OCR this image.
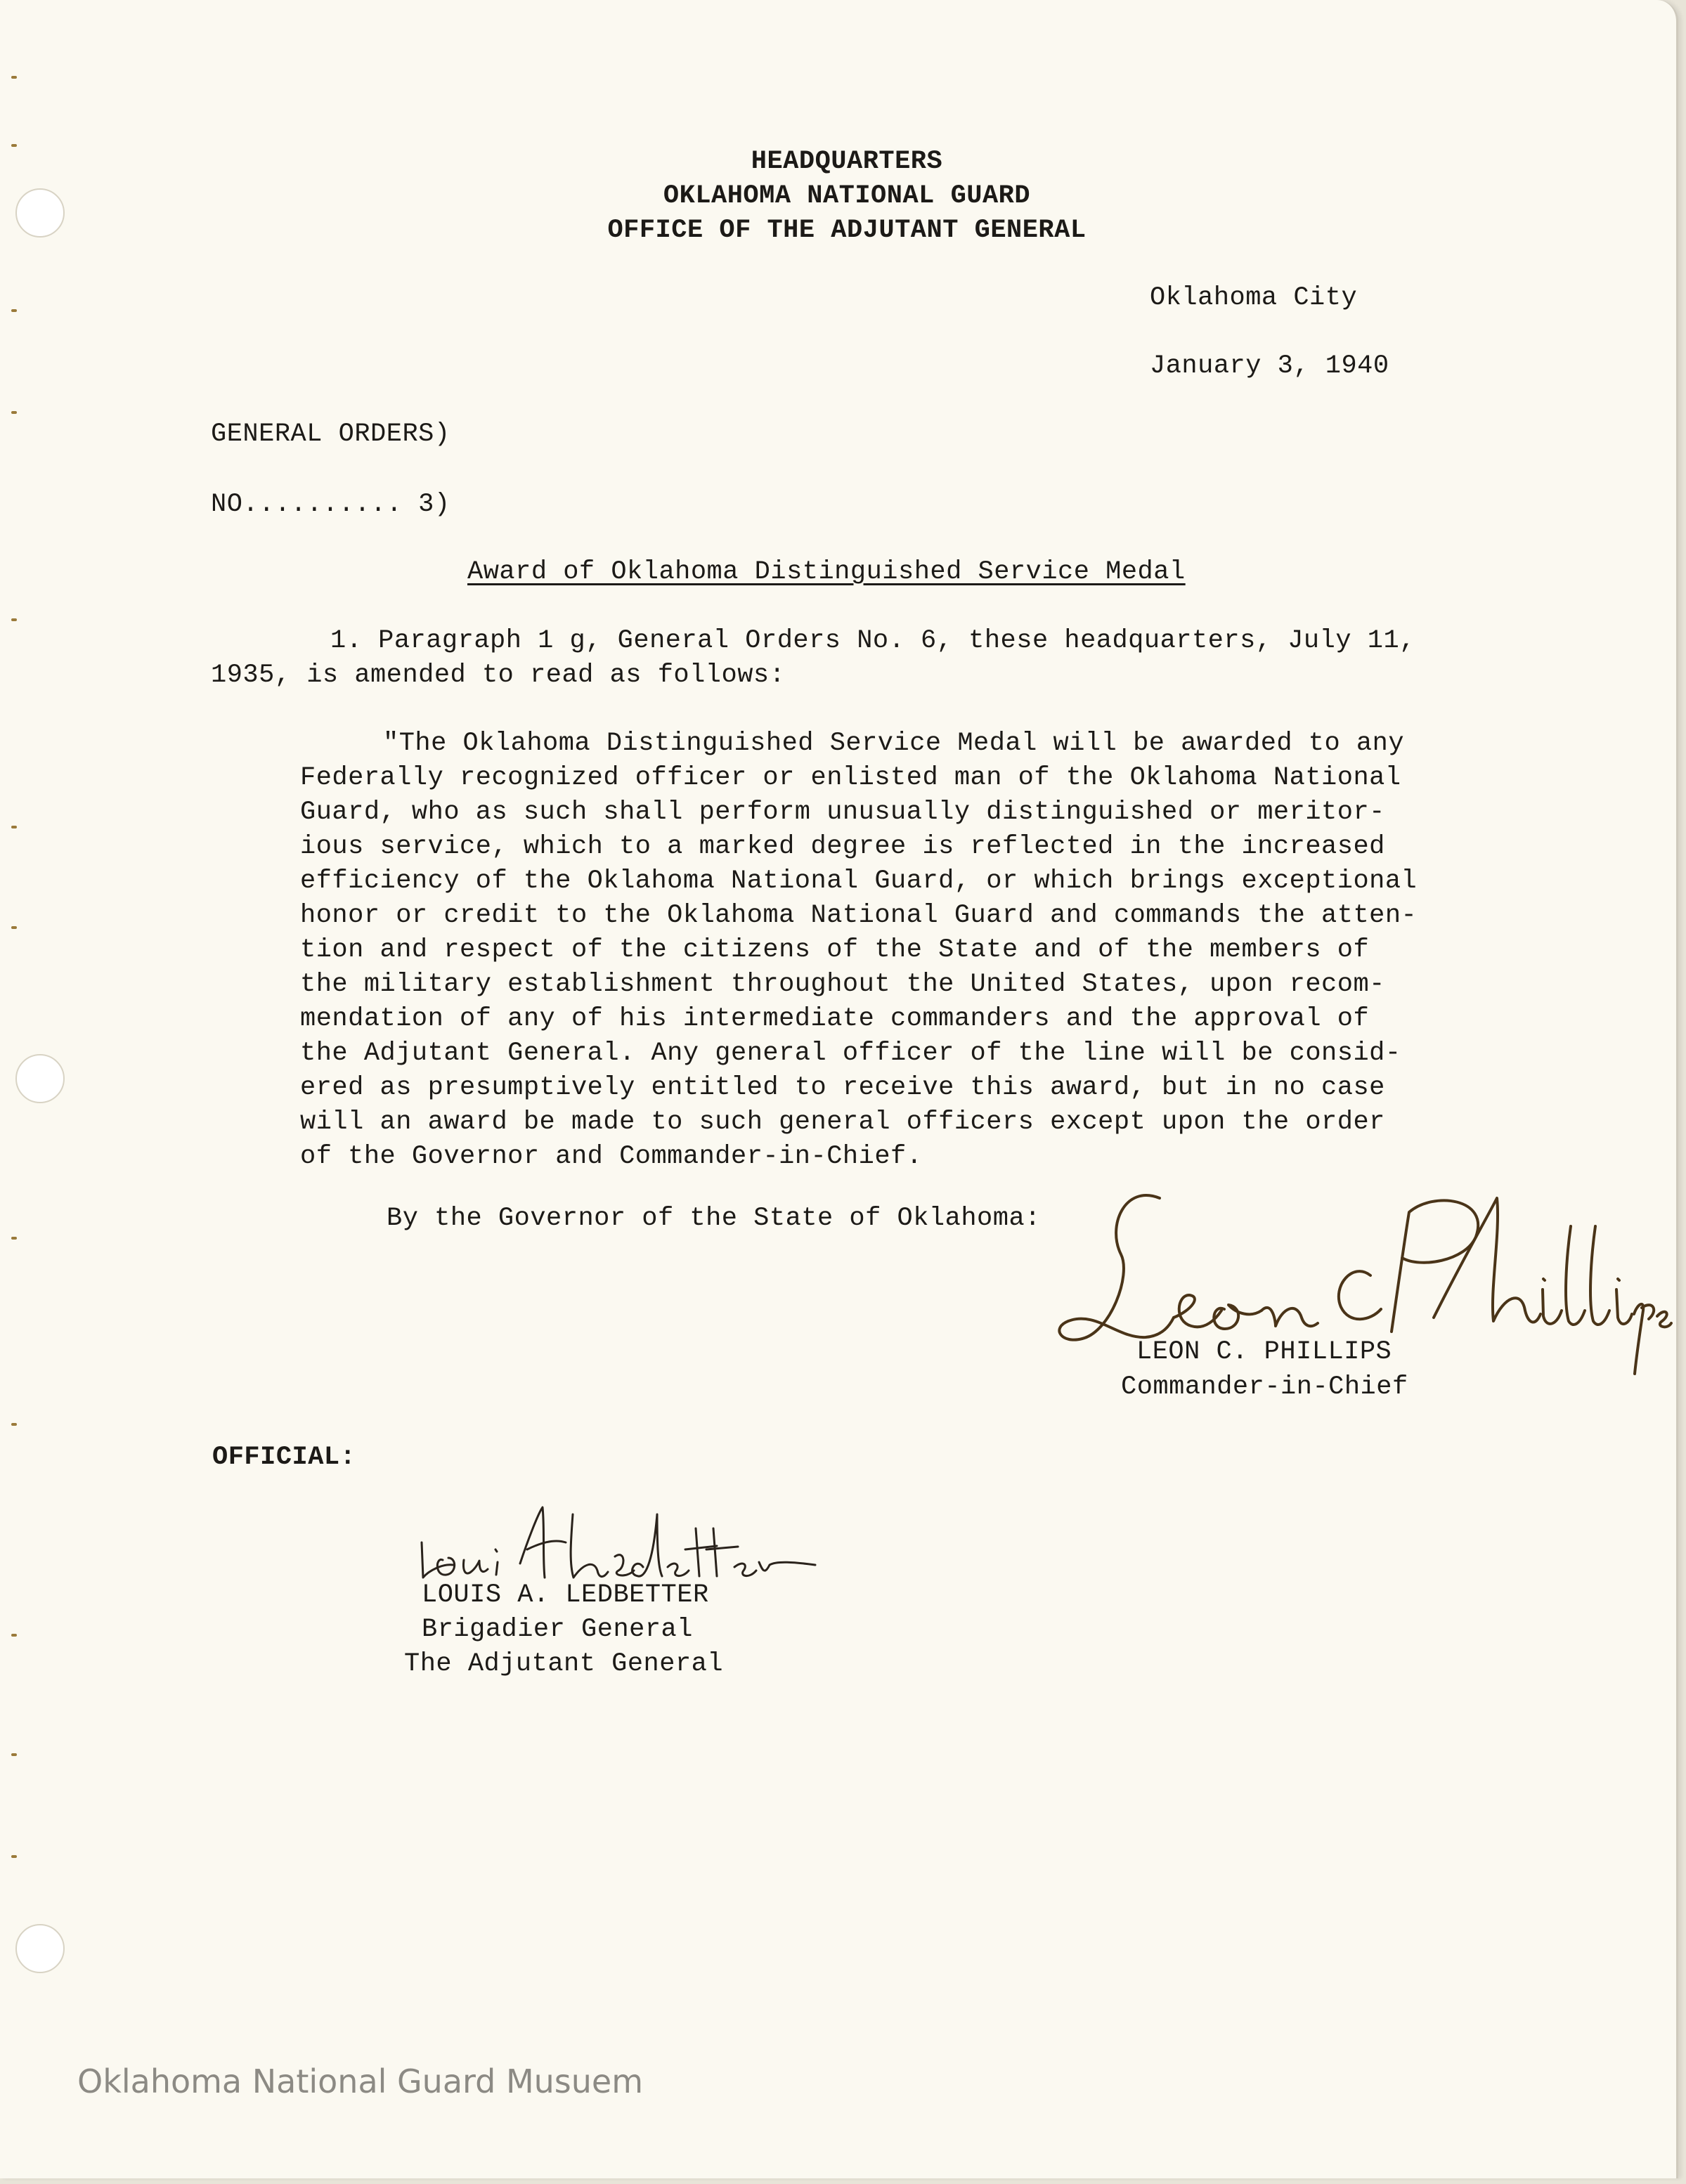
HEADQUARTERS
OKLAHOMA NATIONAL GUARD
OFFICE OF THE ADJUTANT GENERAL
Oklahoma City
January 3, 1940
GENERAL ORDERS)
NO.......... 3)
Award of Oklahoma Distinguished Service Medal
1. Paragraph 1 g, General Orders No. 6, these headquarters, July 11,
1935, is amended to read as follows:
"The Oklahoma Distinguished Service Medal will be awarded to any
Federally recognized officer or enlisted man of the Oklahoma National
Guard, who as such shall perform unusually distinguished or meritor-
ious service, which to a marked degree is reflected in the increased
efficiency of the Oklahoma National Guard, or which brings exceptional
honor or credit to the Oklahoma National Guard and commands the atten-
tion and respect of the citizens of the State and of the members of
the military establishment throughout the United States, upon recom-
mendation of any of his intermediate commanders and the approval of
the Adjutant General. Any general officer of the line will be consid-
ered as presumptively entitled to receive this award, but in no case
will an award be made to such general officers except upon the order
of the Governor and Commander-in-Chief.
By the Governor of the State of Oklahoma:
LEON C. PHILLIPS
Commander-in-Chief
OFFICIAL:
LOUIS A. LEDBETTER
Brigadier General
The Adjutant General
Oklahoma National Guard Musuem
